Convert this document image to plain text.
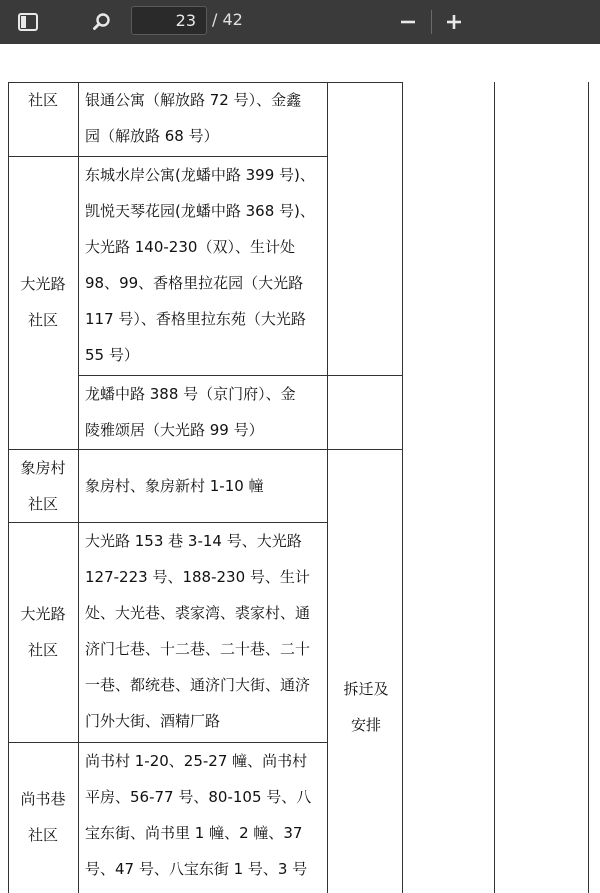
23
/ 42
社区	银通公寓（解放路 72 号）、金鑫
园（解放路 68 号）
大光路
社区
东城水岸公寓(龙蟠中路 399 号)、
凯悦天琴花园(龙蟠中路 368 号)、
大光路 140-230（双）、生计处
98、99、香格里拉花园（大光路
117 号）、香格里拉东苑（大光路
55 号）
龙蟠中路 388 号（京门府）、金
陵雅颂居（大光路 99 号）
象房村
社区
象房村、象房新村 1-10 幢
大光路
社区
大光路 153 巷 3-14 号、大光路
127-223 号、188-230 号、生计
处、大光巷、裘家湾、裘家村、通
济门七巷、十二巷、二十巷、二十
一巷、都统巷、通济门大街、通济
门外大街、酒精厂路
尚书巷
社区
尚书村 1-20、25-27 幢、尚书村
平房、56-77 号、80-105 号、八
宝东街、尚书里 1 幢、2 幢、37
号、47 号、八宝东街 1 号、3 号
拆迁及
安排
